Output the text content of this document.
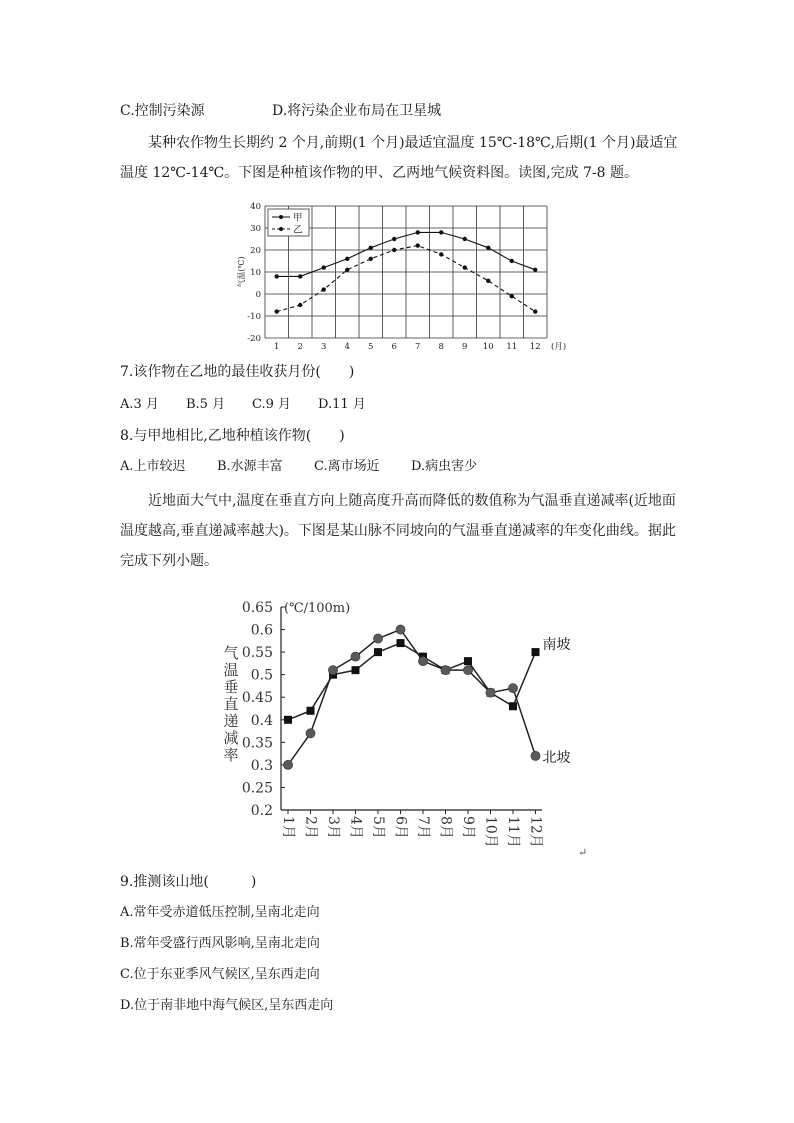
C.控制污染源	D.将污染企业布局在卫星城
某种农作物生长期约 2 个月,前期(1 个月)最适宜温度 15℃-18℃,后期(1 个月)最适宜温度 12℃-14℃。下图是种植该作物的甲、乙两地气候资料图。读图,完成 7-8 题。
40
30
20
10
0
-10
-20
1 2 3 4 5 6 7 8 9 10 11 12 (月)
气温(℃)
甲
乙
7.该作物在乙地的最佳收获月份(　　)
A.3 月 B.5 月 C.9 月 D.11 月
8.与甲地相比,乙地种植该作物(　　)
A.上市较迟 B.水源丰富 C.离市场近 D.病虫害少
近地面大气中,温度在垂直方向上随高度升高而降低的数值称为气温垂直递减率(近地面温度越高,垂直递减率越大)。下图是某山脉不同坡向的气温垂直递减率的年变化曲线。据此完成下列小题。
0.65
0.6
0.55
0.5
0.45
0.4
0.35
0.3
0.25
0.2
(℃/100m)
气温垂直递减率
1月 2月 3月 4月 5月 6月 7月 8月 9月 10月 11月 12月
南坡
北坡
↵
9.推测该山地(　　　)
A.常年受赤道低压控制,呈南北走向
B.常年受盛行西风影响,呈南北走向
C.位于东亚季风气候区,呈东西走向
D.位于南非地中海气候区,呈东西走向
